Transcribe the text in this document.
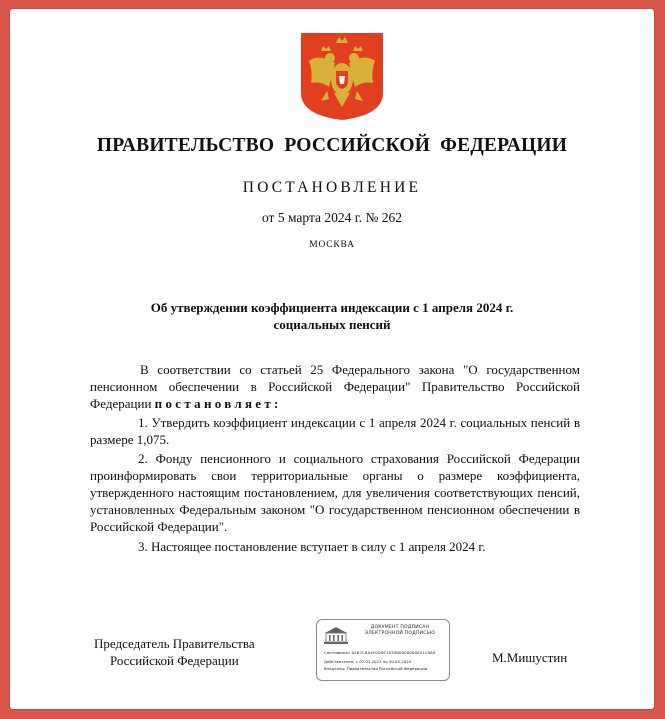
ПРАВИТЕЛЬСТВО РОССИЙСКОЙ ФЕДЕРАЦИИ
ПОСТАНОВЛЕНИЕ
от 5 марта 2024 г. № 262
МОСКВА
Об утверждении коэффициента индексации с 1 апреля 2024 г.
социальных пенсий

В соответствии со статьей 25 Федерального закона "О государственном пенсионном обеспечении в Российской Федерации" Правительство Российской Федерации постановляет:

1. Утвердить коэффициент индексации с 1 апреля 2024 г. социальных пенсий в размере 1,075.

2. Фонду пенсионного и социального страхования Российской Федерации проинформировать свои территориальные органы о размере коэффициента, утвержденного настоящим постановлением, для увеличения соответствующих пенсий, установленных Федеральным законом "О государственном пенсионном обеспечении в Российской Федерации".

3. Настоящее постановление вступает в силу с 1 апреля 2024 г.

Председатель Правительства
Российской Федерации
ДОКУМЕНТ ПОДПИСАН
ЭЛЕКТРОННОЙ ПОДПИСЬЮ
Сертификат 02B7C8A4F0D9E1835B0000000001C0A9
Действителен: с 07.03.2023 по 30.05.2024
Владелец: Правительство Российской Федерации
М.Мишустин
